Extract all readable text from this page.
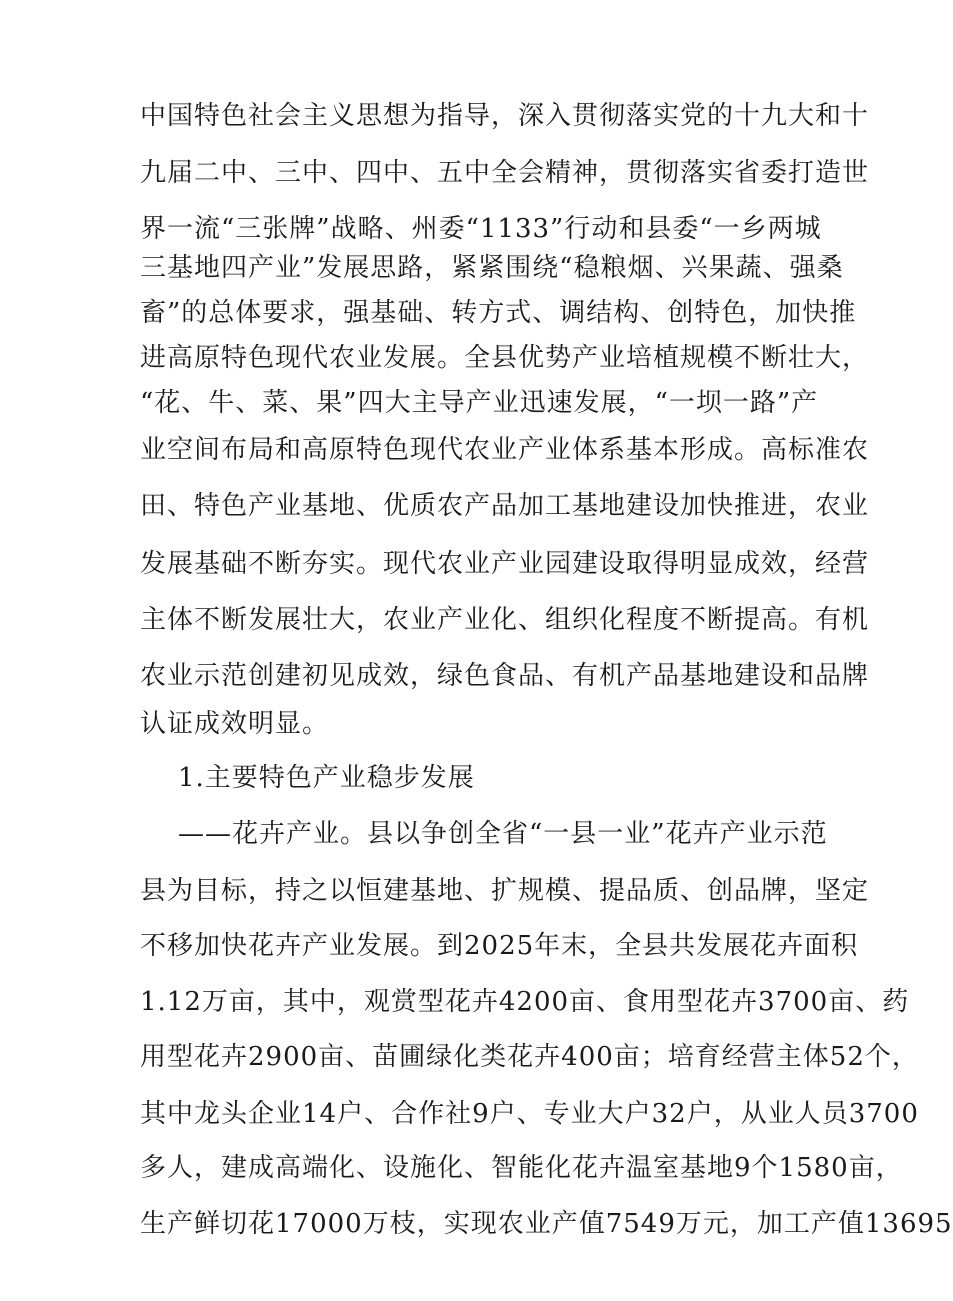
中国特色社会主义思想为指导，深入贯彻落实党的十九大和十
九届二中、三中、四中、五中全会精神，贯彻落实省委打造世
界一流“三张牌”战略、州委“1133”行动和县委“一乡两城
三基地四产业”发展思路，紧紧围绕“稳粮烟、兴果蔬、强桑
畜”的总体要求，强基础、转方式、调结构、创特色，加快推
进高原特色现代农业发展。全县优势产业培植规模不断壮大，
“花、牛、菜、果”四大主导产业迅速发展，“一坝一路”产
业空间布局和高原特色现代农业产业体系基本形成。高标准农
田、特色产业基地、优质农产品加工基地建设加快推进，农业
发展基础不断夯实。现代农业产业园建设取得明显成效，经营
主体不断发展壮大，农业产业化、组织化程度不断提高。有机
农业示范创建初见成效，绿色食品、有机产品基地建设和品牌
认证成效明显。
1.主要特色产业稳步发展
——花卉产业。县以争创全省“一县一业”花卉产业示范
县为目标，持之以恒建基地、扩规模、提品质、创品牌，坚定
不移加快花卉产业发展。到2025年末，全县共发展花卉面积
1.12万亩，其中，观赏型花卉4200亩、食用型花卉3700亩、药
用型花卉2900亩、苗圃绿化类花卉400亩；培育经营主体52个，
其中龙头企业14户、合作社9户、专业大户32户，从业人员3700
多人，建成高端化、设施化、智能化花卉温室基地9个1580亩，
生产鲜切花17000万枝，实现农业产值7549万元，加工产值13695
